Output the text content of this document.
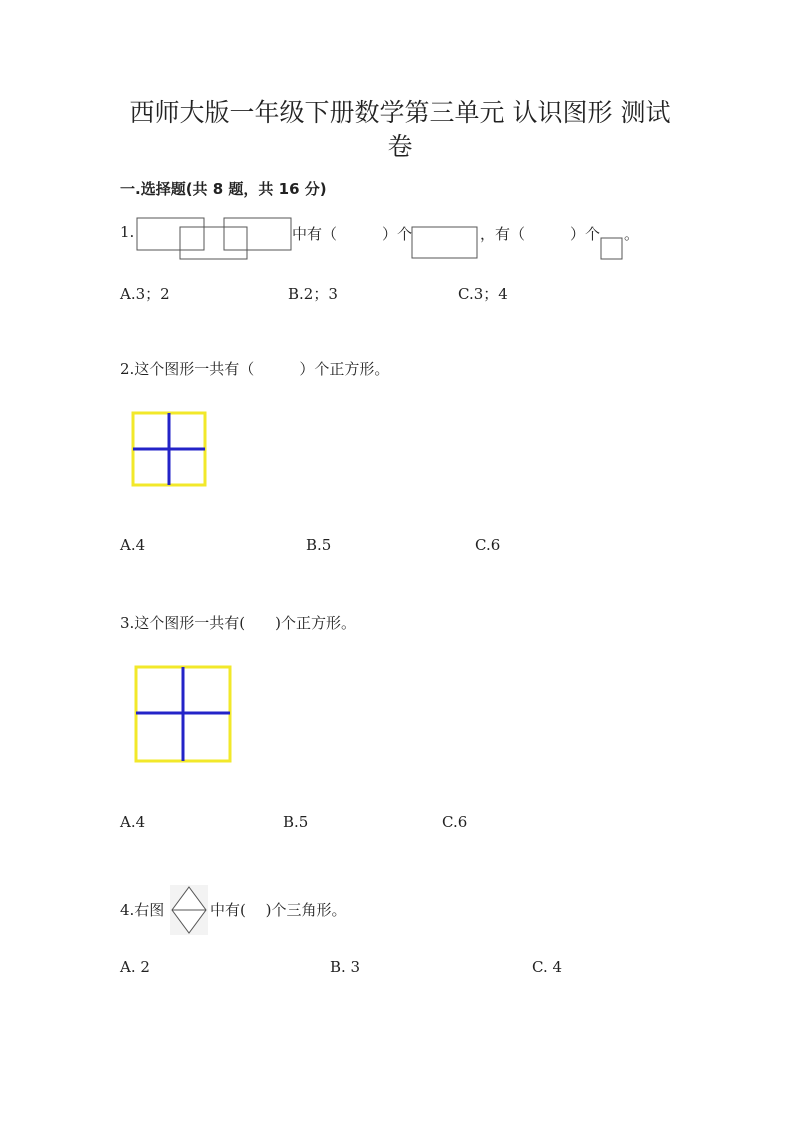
西师大版一年级下册数学第三单元 认识图形 测试
卷
一.选择题(共 8 题，共 16 分)
1.	中有（　　　）个	，有（　　　）个 。
A.3；2	B.2；3	C.3；4
2.这个图形一共有（　　　）个正方形。
A.4	B.5	C.6
3.这个图形一共有(　　)个正方形。
A.4	B.5	C.6
4.右图	中有(　 )个三角形。
A. 2	B. 3	C. 4
